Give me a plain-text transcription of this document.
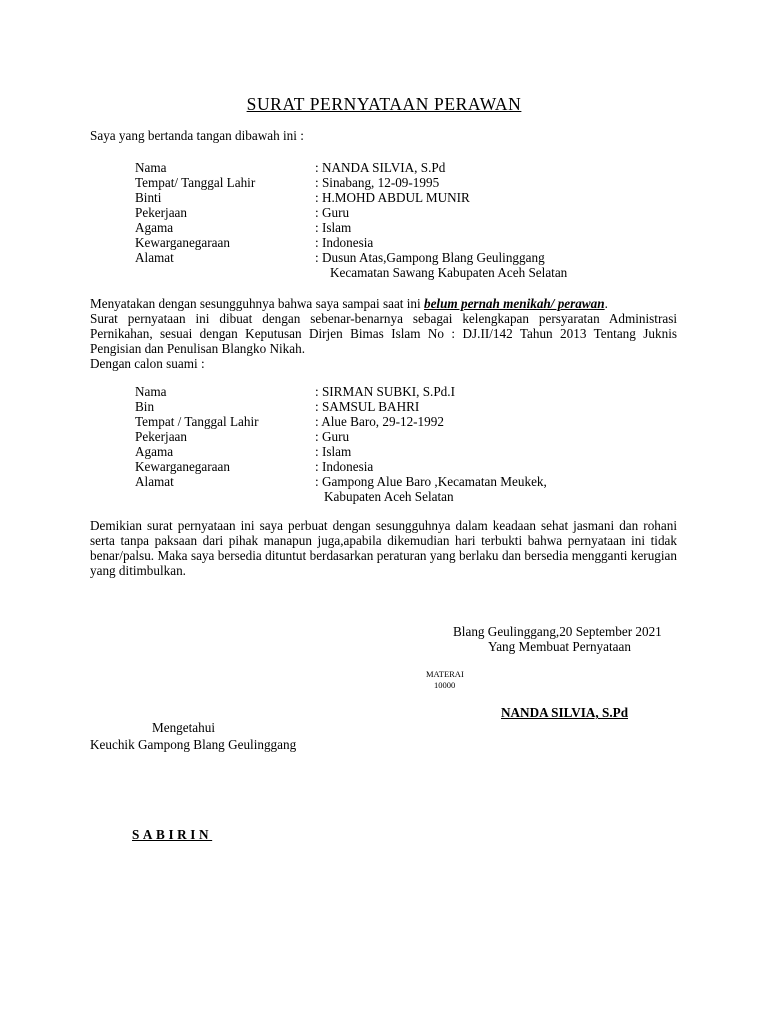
SURAT PERNYATAAN PERAWAN
Saya yang bertanda tangan dibawah ini :
Nama	: NANDA SILVIA, S.Pd
Tempat/ Tanggal Lahir	: Sinabang, 12-09-1995
Binti	: H.MOHD ABDUL MUNIR
Pekerjaan	: Guru
Agama	: Islam
Kewarganegaraan	: Indonesia
Alamat	: Dusun Atas,Gampong Blang Geulinggang
Kecamatan Sawang Kabupaten Aceh Selatan
Menyatakan dengan sesungguhnya bahwa saya sampai saat ini belum pernah menikah/ perawan.
Surat pernyataan ini dibuat dengan sebenar-benarnya sebagai kelengkapan persyaratan Administrasi Pernikahan, sesuai dengan Keputusan Dirjen Bimas Islam No : DJ.II/142 Tahun 2013 Tentang Juknis Pengisian dan Penulisan Blangko Nikah.
Dengan calon suami :
Nama	: SIRMAN SUBKI, S.Pd.I
Bin	: SAMSUL BAHRI
Tempat / Tanggal Lahir	: Alue Baro, 29-12-1992
Pekerjaan	: Guru
Agama	: Islam
Kewarganegaraan	: Indonesia
Alamat	: Gampong Alue Baro ,Kecamatan Meukek,
Kabupaten Aceh Selatan
Demikian surat pernyataan ini saya perbuat dengan sesungguhnya dalam keadaan sehat jasmani dan rohani serta tanpa paksaan dari pihak manapun juga,apabila dikemudian hari terbukti bahwa pernyataan ini tidak benar/palsu. Maka saya bersedia dituntut berdasarkan peraturan yang berlaku dan bersedia mengganti kerugian yang ditimbulkan.
Blang Geulinggang,20 September 2021
Yang Membuat Pernyataan
MATERAI
10000
NANDA SILVIA, S.Pd
Mengetahui
Keuchik Gampong Blang Geulinggang
SABIRIN
